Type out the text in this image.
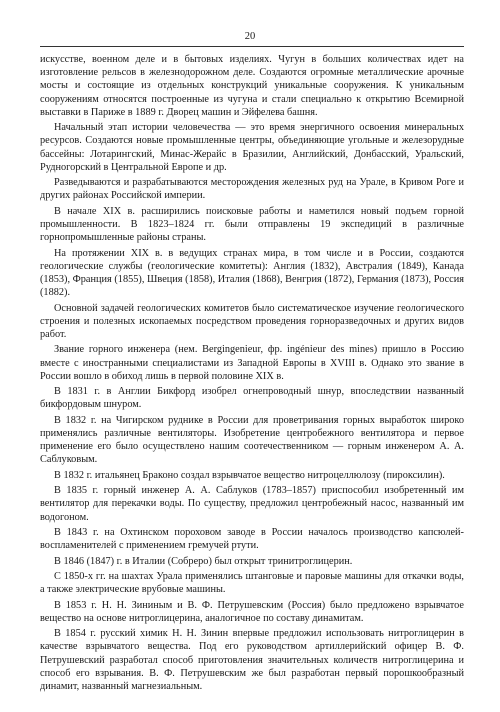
20

искусстве, военном деле и в бытовых изделиях. Чугун в больших количествах идет на изготовление рельсов в железнодорожном деле. Создаются огромные металлические арочные мосты и состоящие из отдельных конструкций уникальные сооружения. К уникальным сооружениям относятся построенные из чугуна и стали специально к открытию Всемирной выставки в Париже в 1889 г. Дворец машин и Эйфелева башня.

Начальный этап истории человечества — это время энергичного освоения минеральных ресурсов. Создаются новые промышленные центры, объединяющие угольные и железорудные бассейны: Лотарингский, Минас-Жерайс в Бразилии, Английский, Донбасский, Уральский, Рудногорский в Центральной Европе и др.

Разведываются и разрабатываются месторождения железных руд на Урале, в Кривом Роге и других районах Российской империи.

В начале XIX в. расширились поисковые работы и наметился новый подъем горной промышленности. В 1823–1824 гг. были отправлены 19 экспедиций в различные горнопромышленные районы страны.

На протяжении XIX в. в ведущих странах мира, в том числе и в России, создаются геологические службы (геологические комитеты): Англия (1832), Австралия (1849), Канада (1853), Франция (1855), Швеция (1858), Италия (1868), Венгрия (1872), Германия (1873), Россия (1882).

Основной задачей геологических комитетов было систематическое изучение геологического строения и полезных ископаемых посредством проведения горноразведочных и других видов работ.

Звание горного инженера (нем. Bergingenieur, фр. ingénieur des mines) пришло в Россию вместе с иностранными специалистами из Западной Европы в XVIII в. Однако это звание в России вошло в обиход лишь в первой половине XIX в.

В 1831 г. в Англии Бикфорд изобрел огнепроводный шнур, впоследствии названный бикфордовым шнуром.

В 1832 г. на Чигирском руднике в России для проветривания горных выработок широко применялись различные вентиляторы. Изобретение центробежного вентилятора и первое применение его было осуществлено нашим соотечественником — горным инженером А. А. Саблуковым.

В 1832 г. итальянец Браконо создал взрывчатое вещество нитроцеллюлозу (пироксилин).

В 1835 г. горный инженер А. А. Саблуков (1783–1857) приспособил изобретенный им вентилятор для перекачки воды. По существу, предложил центробежный насос, названный им водогоном.

В 1843 г. на Охтинском пороховом заводе в России началось производство капсюлей-воспламенителей с применением гремучей ртути.

В 1846 (1847) г. в Италии (Собреро) был открыт тринитроглицерин.

С 1850-х гг. на шахтах Урала применялись штанговые и паровые машины для откачки воды, а также электрические врубовые машины.

В 1853 г. Н. Н. Зининым и В. Ф. Петрушевским (Россия) было предложено взрывчатое вещество на основе нитроглицерина, аналогичное по составу динамитам.

В 1854 г. русский химик Н. Н. Зинин впервые предложил использовать нитроглицерин в качестве взрывчатого вещества. Под его руководством артиллерийский офицер В. Ф. Петрушевский разработал способ приготовления значительных количеств нитроглицерина и способ его взрывания. В. Ф. Петрушевским же был разработан первый порошкообразный динамит, названный магнезиальным.
